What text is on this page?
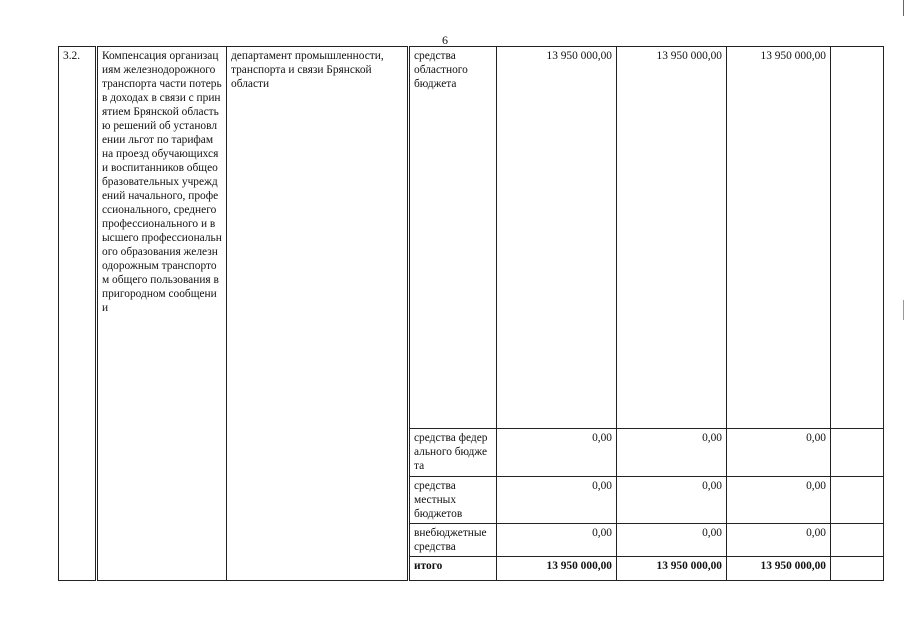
6
3.2.	Компенсация организациям железнодорожного транспорта части потерь в доходах в связи с принятием Брянской областью решений об установлении льгот по тарифам на проезд обучающихся и воспитанников общеобразовательных учреждений начального, профессионального, среднего профессионального и высшего профессионального образования железнодорожным транспортом общего пользования в пригородном сообщении	департамент промышленности, транспорта и связи Брянской области	средства областного бюджета	13 950 000,00	13 950 000,00	13 950 000,00	
			средства федерального бюджета	0,00	0,00	0,00	
			средства местных бюджетов	0,00	0,00	0,00	
			внебюджетные средства	0,00	0,00	0,00	
			итого	13 950 000,00	13 950 000,00	13 950 000,00	
